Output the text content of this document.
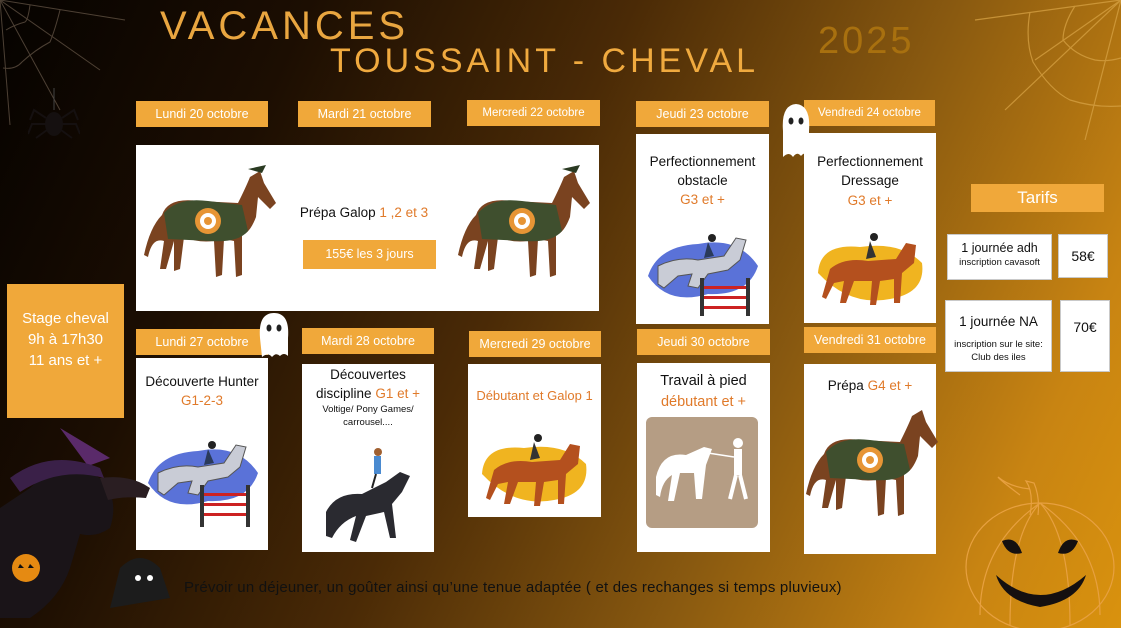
VACANCES
TOUSSAINT - CHEVAL 2025
Lundi 20 octobre	Mardi 21 octobre	Mercredi 22 octobre	Jeudi 23 octobre	Vendredi 24 octobre
Prépa Galop 1 ,2 et 3
155€ les 3 jours
Perfectionnement
obstacle
G3 et +
Perfectionnement
Dressage
G3 et +
Stage cheval
9h à 17h30
11 ans et +
Lundi 27 octobre	Mardi 28 octobre	Mercredi 29 octobre	Jeudi 30 octobre	Vendredi 31 octobre
Découverte Hunter
G1-2-3
Découvertes
discipline G1 et +
Voltige/ Pony Games/
carrousel....
Débutant et Galop 1
Travail à pied
débutant et +
Prépa G4 et +
Tarifs
1 journée adh
inscription cavasoft	58€
1 journée NA
inscription sur le site:
Club des iles
70€
Prévoir un déjeuner, un goûter ainsi qu’une tenue adaptée ( et des rechanges si temps pluvieux)
